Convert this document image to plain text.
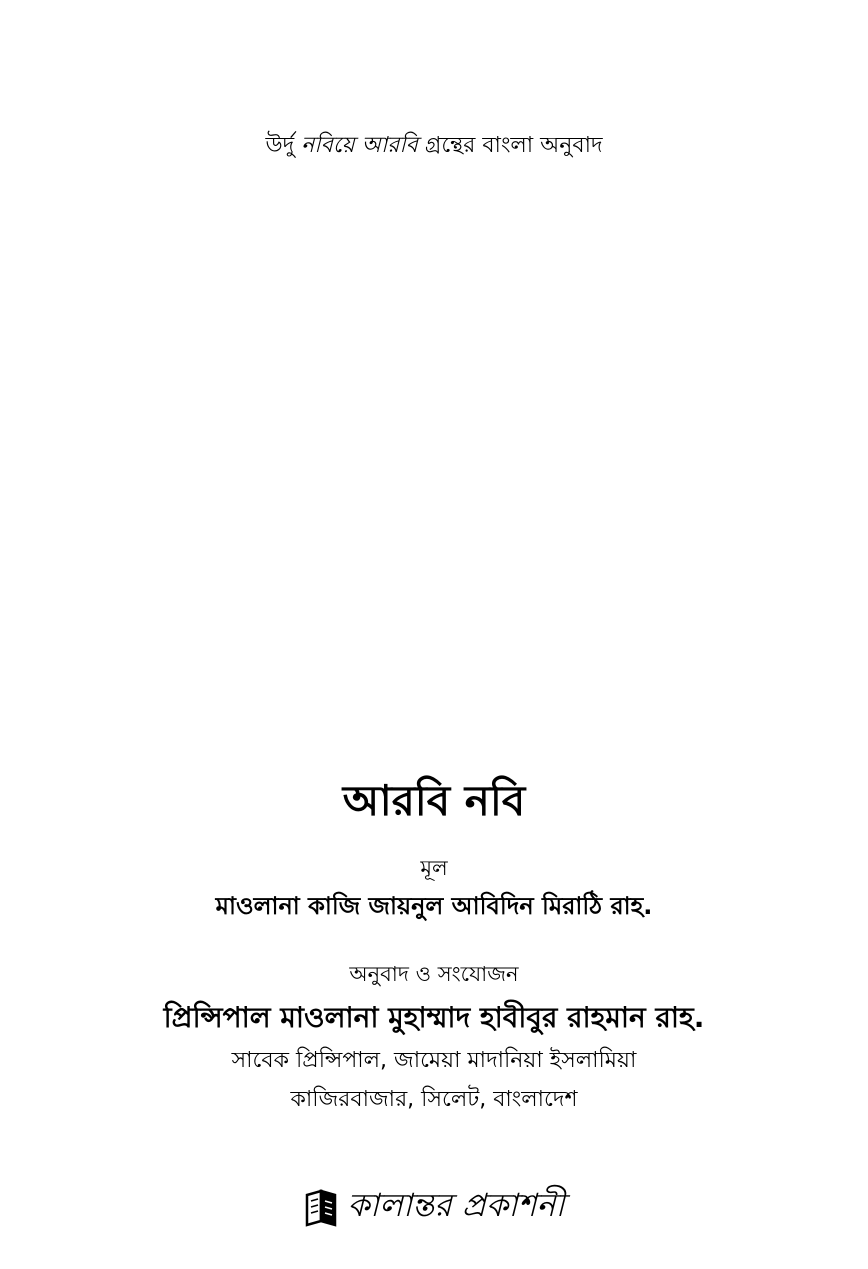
উর্দু নবিয়ে আরবি গ্রন্থের বাংলা অনুবাদ
আরবি নবি
মূল
মাওলানা কাজি জায়নুল আবিদিন মিরাঠি রাহ.
অনুবাদ ও সংযোজন
প্রিন্সিপাল মাওলানা মুহাম্মাদ হাবীবুর রাহমান রাহ.
সাবেক প্রিন্সিপাল, জামেয়া মাদানিয়া ইসলামিয়া
কাজিরবাজার, সিলেট, বাংলাদেশ
কালান্তর প্রকাশনী
